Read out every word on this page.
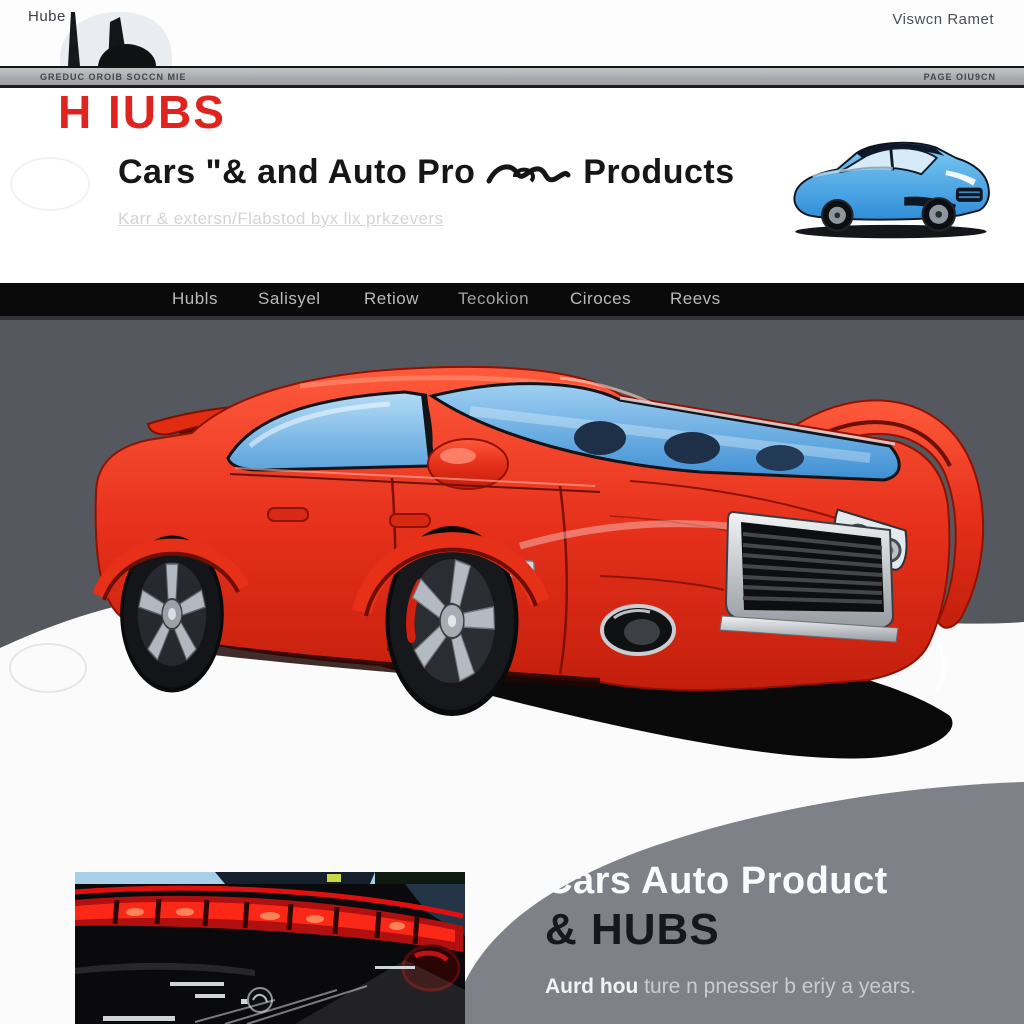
Hube	Viswcn Ramet
GREDUC OROIB SOCCN MIE	PAGE OIU9CN
H IUBS
Cars "& and Auto Pro	Products
Karr & extersn/Flabstod byx lix prkzevers
Hubls Salisyel	Retiow Tecokion Ciroces Reevs
Cars Auto Product
& HUBS
Aurd hou ture n pnesser b eriy a years.
